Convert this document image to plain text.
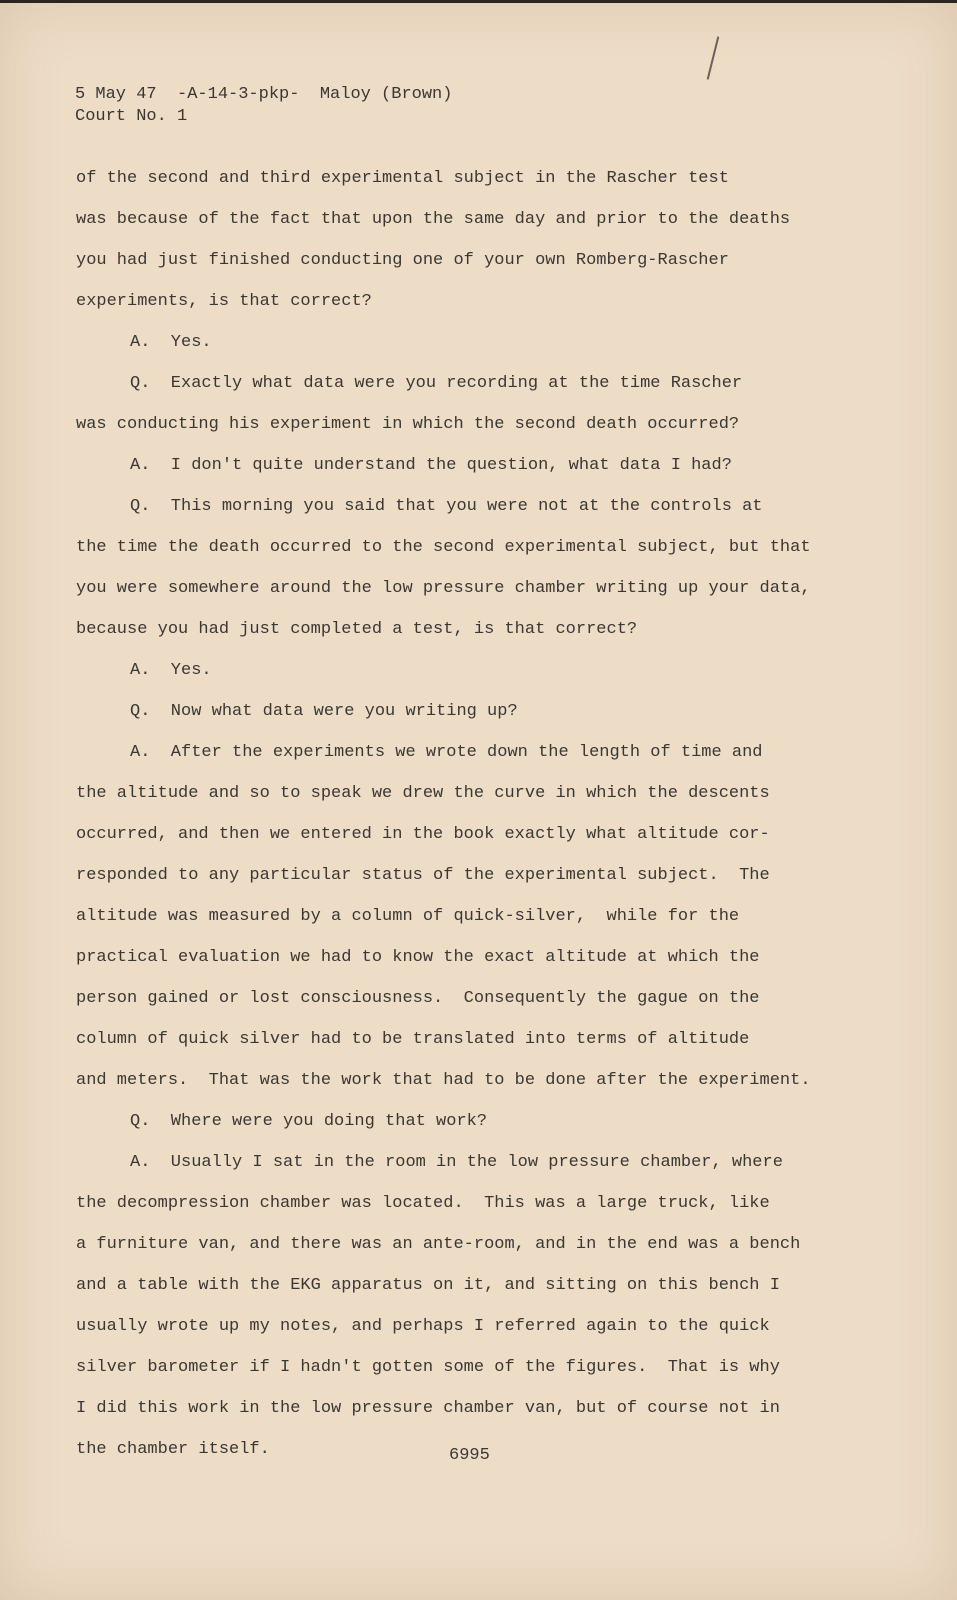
5 May 47  -A-14-3-pkp-  Maloy (Brown)
Court No. 1
of the second and third experimental subject in the Rascher test
was because of the fact that upon the same day and prior to the deaths
you had just finished conducting one of your own Romberg-Rascher
experiments, is that correct?
A.  Yes.
Q.  Exactly what data were you recording at the time Rascher
was conducting his experiment in which the second death occurred?
A.  I don't quite understand the question, what data I had?
Q.  This morning you said that you were not at the controls at
the time the death occurred to the second experimental subject, but that
you were somewhere around the low pressure chamber writing up your data,
because you had just completed a test, is that correct?
A.  Yes.
Q.  Now what data were you writing up?
A.  After the experiments we wrote down the length of time and
the altitude and so to speak we drew the curve in which the descents
occurred, and then we entered in the book exactly what altitude cor-
responded to any particular status of the experimental subject.  The
altitude was measured by a column of quick-silver,  while for the
practical evaluation we had to know the exact altitude at which the
person gained or lost consciousness.  Consequently the gague on the
column of quick silver had to be translated into terms of altitude
and meters.  That was the work that had to be done after the experiment.
Q.  Where were you doing that work?
A.  Usually I sat in the room in the low pressure chamber, where
the decompression chamber was located.  This was a large truck, like
a furniture van, and there was an ante-room, and in the end was a bench
and a table with the EKG apparatus on it, and sitting on this bench I
usually wrote up my notes, and perhaps I referred again to the quick
silver barometer if I hadn't gotten some of the figures.  That is why
I did this work in the low pressure chamber van, but of course not in
the chamber itself.	6995
